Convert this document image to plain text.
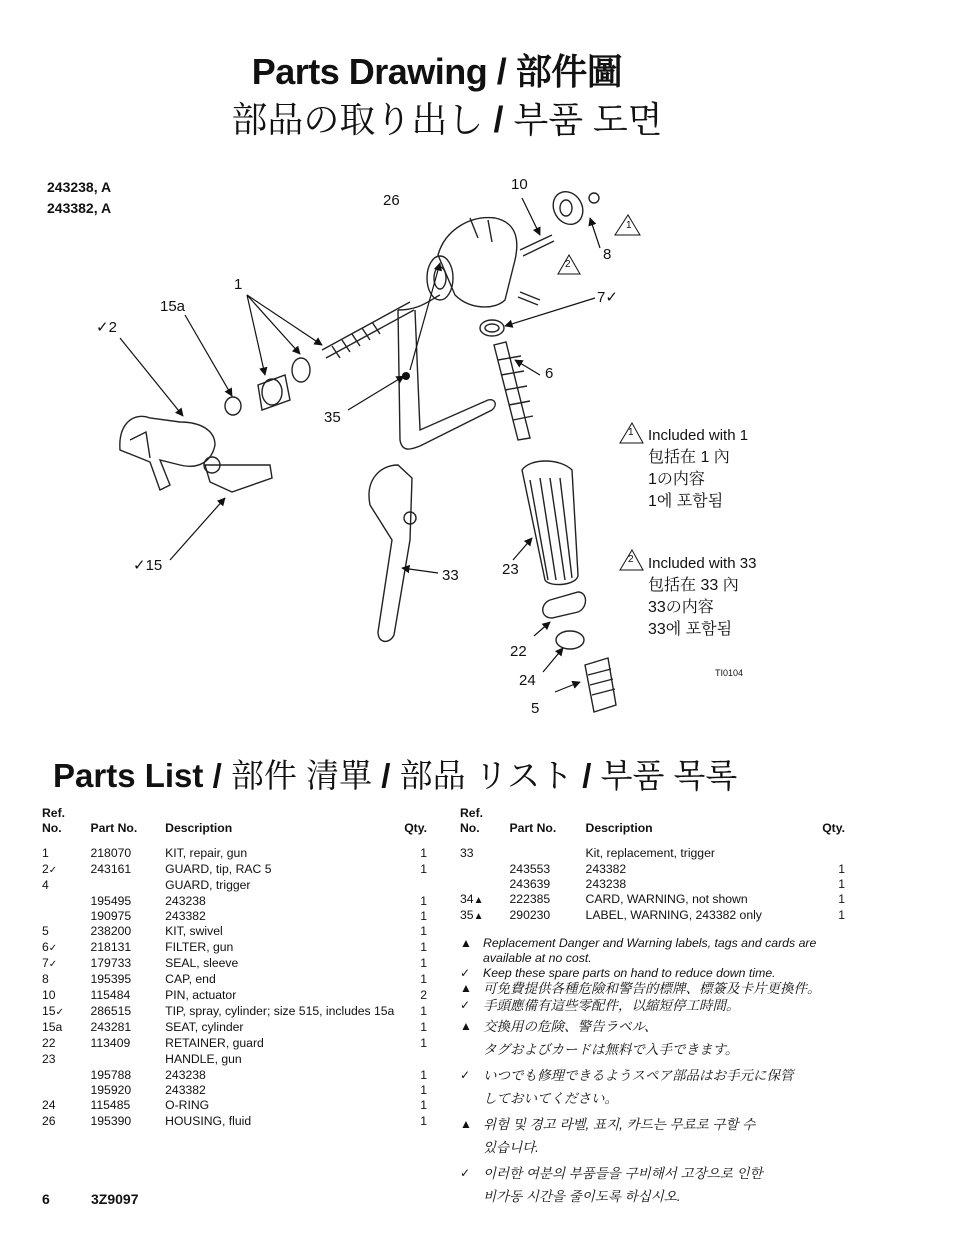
Parts Drawing / 部件圖
部品の取り出し / 부품 도면
243238, A
243382, A
10
26
8
1
2
1
7✓
15a
✓2
6
35
✓15
33	23
22
24
5
TI0104
1 Included with 1
包括在 1 內
1の内容
1에 포함됨
2 Included with 33
包括在 33 內
33の内容
33에 포함됨
Parts List / 部件 清單 / 部品 リスト / 부품 목록
Ref.
No.	Part No.	Description	Qty.
1	218070	KIT, repair, gun	1
2✓	243161	GUARD, tip, RAC 5	1
4		GUARD, trigger	
	195495	243238	1
	190975	243382	1
5	238200	KIT, swivel	1
6✓	218131	FILTER, gun	1
7✓	179733	SEAL, sleeve	1
8	195395	CAP, end	1
10	115484	PIN, actuator	2
15✓	286515	TIP, spray, cylinder; size 515, includes 15a	1
15a	243281	SEAT, cylinder	1
22	113409	RETAINER, guard	1
23		HANDLE, gun	
	195788	243238	1
	195920	243382	1
24	115485	O-RING	1
26	195390	HOUSING, fluid	1
Ref.
No.	Part No.	Description	Qty.
33		Kit, replacement, trigger	
	243553	243382	1
	243639	243238	1
34▲	222385	CARD, WARNING, not shown	1
35▲	290230	LABEL, WARNING, 243382 only	1
▲ Replacement Danger and Warning labels, tags and cards are
available at no cost.
✓	Keep these spare parts on hand to reduce down time.
▲ 可免費提供各種危險和警告的標牌、標簽及卡片更換件。
✓ 手頭應備有這些零配件，以縮短停工時間。
▲ 交換用の危険、警告ラベル、
タグおよびカードは無料で入手できます。
✓ いつでも修理できるようスペア部品はお手元に保管
しておいてください。
▲ 위험 및 경고 라벨, 표지, 카드는 무료로 구할 수
있습니다.
✓ 이러한 여분의 부품들을 구비해서 고장으로 인한
비가동 시간을 줄이도록 하십시오.
6	3Z9097
